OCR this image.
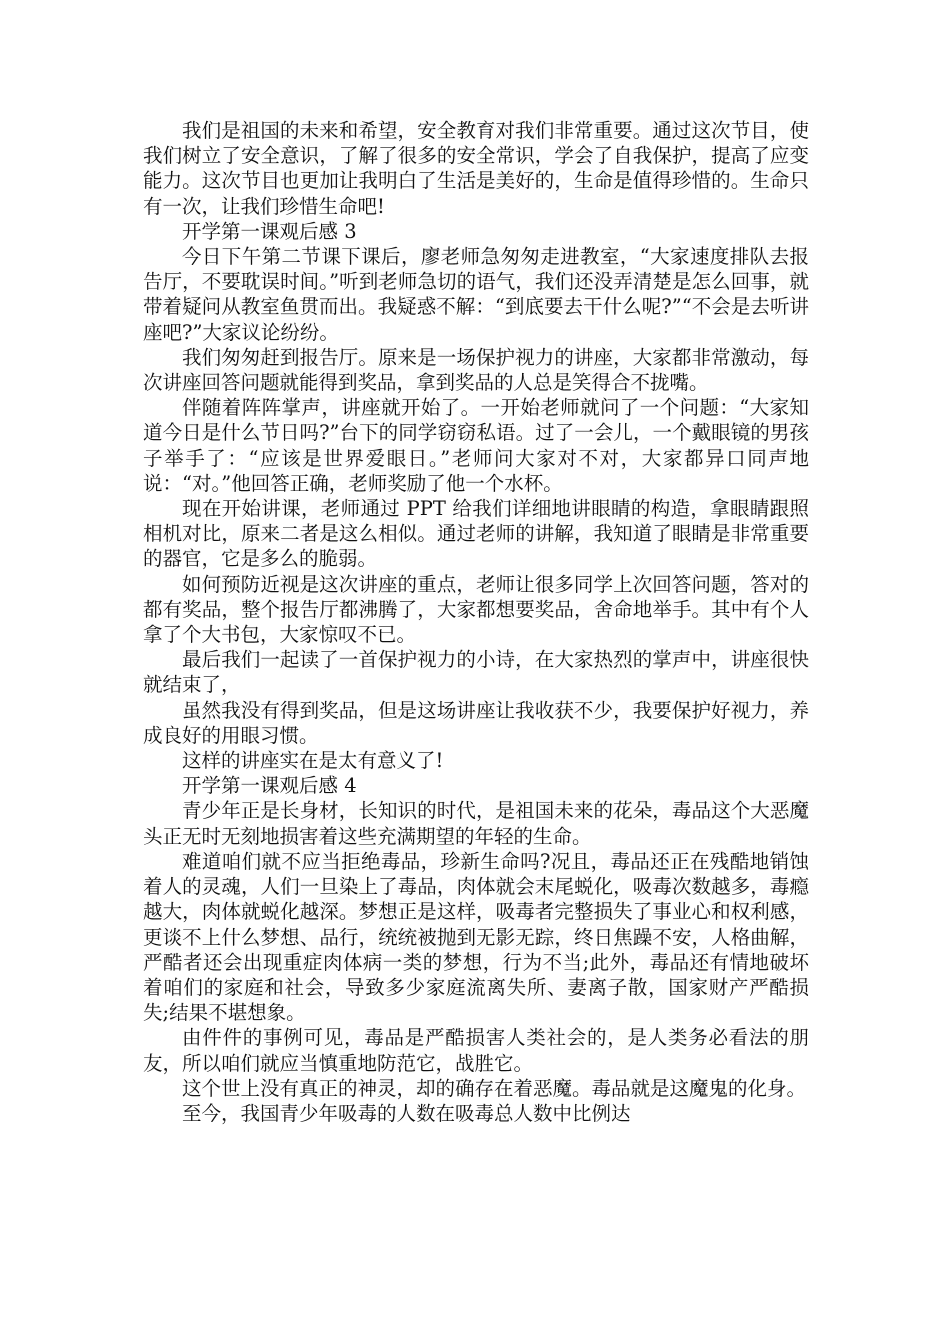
我们是祖国的未来和希望，安全教育对我们非常重要。通过这次节目，使我们树立了安全意识，了解了很多的安全常识，学会了自我保护，提高了应变能力。这次节目也更加让我明白了生活是美好的，生命是值得珍惜的。生命只有一次，让我们珍惜生命吧!

开学第一课观后感 3

今日下午第二节课下课后，廖老师急匆匆走进教室，“大家速度排队去报告厅，不要耽误时间。”听到老师急切的语气，我们还没弄清楚是怎么回事，就带着疑问从教室鱼贯而出。我疑惑不解：“到底要去干什么呢?”“不会是去听讲座吧?”大家议论纷纷。

我们匆匆赶到报告厅。原来是一场保护视力的讲座，大家都非常激动，每次讲座回答问题就能得到奖品，拿到奖品的人总是笑得合不拢嘴。

伴随着阵阵掌声，讲座就开始了。一开始老师就问了一个问题：“大家知道今日是什么节日吗?”台下的同学窃窃私语。过了一会儿，一个戴眼镜的男孩子举手了：“应该是世界爱眼日。”老师问大家对不对，大家都异口同声地说：“对。”他回答正确，老师奖励了他一个水杯。

现在开始讲课，老师通过 PPT 给我们详细地讲眼睛的构造，拿眼睛跟照相机对比，原来二者是这么相似。通过老师的讲解，我知道了眼睛是非常重要的器官，它是多么的脆弱。

如何预防近视是这次讲座的重点，老师让很多同学上次回答问题，答对的都有奖品，整个报告厅都沸腾了，大家都想要奖品，舍命地举手。其中有个人拿了个大书包，大家惊叹不已。

最后我们一起读了一首保护视力的小诗，在大家热烈的掌声中，讲座很快就结束了，

虽然我没有得到奖品，但是这场讲座让我收获不少，我要保护好视力，养成良好的用眼习惯。

这样的讲座实在是太有意义了!

开学第一课观后感 4

青少年正是长身材，长知识的时代，是祖国未来的花朵，毒品这个大恶魔头正无时无刻地损害着这些充满期望的年轻的生命。

难道咱们就不应当拒绝毒品，珍新生命吗?况且，毒品还正在残酷地销蚀着人的灵魂，人们一旦染上了毒品，肉体就会末尾蜕化，吸毒次数越多，毒瘾越大，肉体就蜕化越深。梦想正是这样，吸毒者完整损失了事业心和权利感，更谈不上什么梦想、品行，统统被抛到无影无踪，终日焦躁不安，人格曲解，严酷者还会出现重症肉体病一类的梦想，行为不当;此外，毒品还有情地破坏着咱们的家庭和社会，导致多少家庭流离失所、妻离子散，国家财产严酷损失;结果不堪想象。

由件件的事例可见，毒品是严酷损害人类社会的，是人类务必看法的朋友，所以咱们就应当慎重地防范它，战胜它。

这个世上没有真正的神灵，却的确存在着恶魔。毒品就是这魔鬼的化身。

至今，我国青少年吸毒的人数在吸毒总人数中比例达
